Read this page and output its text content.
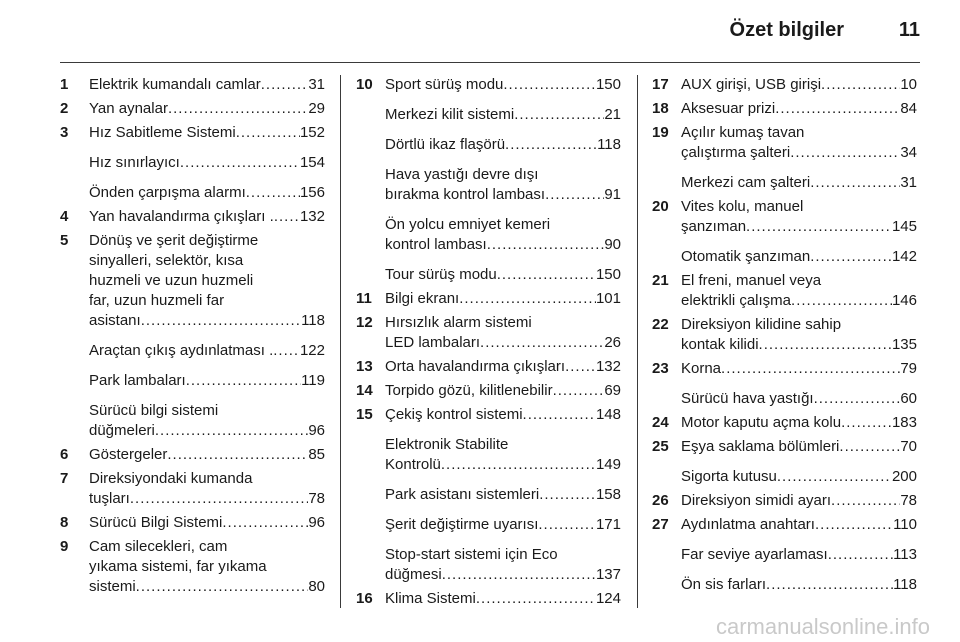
Özet bilgiler	11
1	Elektrik kumandalı camlar .....	31
2	Yan aynalar .....	29
3	Hız Sabitleme Sistemi .....	152
Hız sınırlayıcı .....	154
Önden çarpışma alarmı .....	156
4	Yan havalandırma çıkışları . ..... 132
5	Dönüş ve şerit değiştirme
sinyalleri, selektör, kısa
huzmeli ve uzun huzmeli
far, uzun huzmeli far
asistanı .....	118
Araçtan çıkış aydınlatması . ..... 122
Park lambaları .....	119
Sürücü bilgi sistemi
düğmeleri .....	96
6	Göstergeler .....	85
7	Direksiyondaki kumanda
tuşları .....	78
8	Sürücü Bilgi Sistemi .....	96
9	Cam silecekleri, cam
yıkama sistemi, far yıkama
sistemi .....	80
10 Sport sürüş modu .....	150
Merkezi kilit sistemi .....	21
Dörtlü ikaz flaşörü .....	118
Hava yastığı devre dışı
bırakma kontrol lambası .....	91
Ön yolcu emniyet kemeri
kontrol lambası .....	90
Tour sürüş modu .....	150
11 Bilgi ekranı .....	101
12 Hırsızlık alarm sistemi
LED lambaları .....	26
13 Orta havalandırma çıkışları ..... 132
14 Torpido gözü, kilitlenebilir .....	69
15 Çekiş kontrol sistemi .....	148
Elektronik Stabilite
Kontrolü .....	149
Park asistanı sistemleri .....	158
Şerit değiştirme uyarısı .....	171
Stop-start sistemi için Eco
düğmesi .....	137
16 Klima Sistemi .....	124
17 AUX girişi, USB girişi .....	10
18 Aksesuar prizi .....	84
19 Açılır kumaş tavan
çalıştırma şalteri .....	34
Merkezi cam şalteri .....	31
20 Vites kolu, manuel
şanzıman .....	145
Otomatik şanzıman .....	142
21 El freni, manuel veya
elektrikli çalışma .....	146
22 Direksiyon kilidine sahip
kontak kilidi .....	135
23 Korna .....	79
Sürücü hava yastığı .....	60
24 Motor kaputu açma kolu .....	183
25 Eşya saklama bölümleri .....	70
Sigorta kutusu .....	200
26 Direksiyon simidi ayarı .....	78
27 Aydınlatma anahtarı .....	110
Far seviye ayarlaması .....	113
Ön sis farları .....	118
carmanualsonline.info
